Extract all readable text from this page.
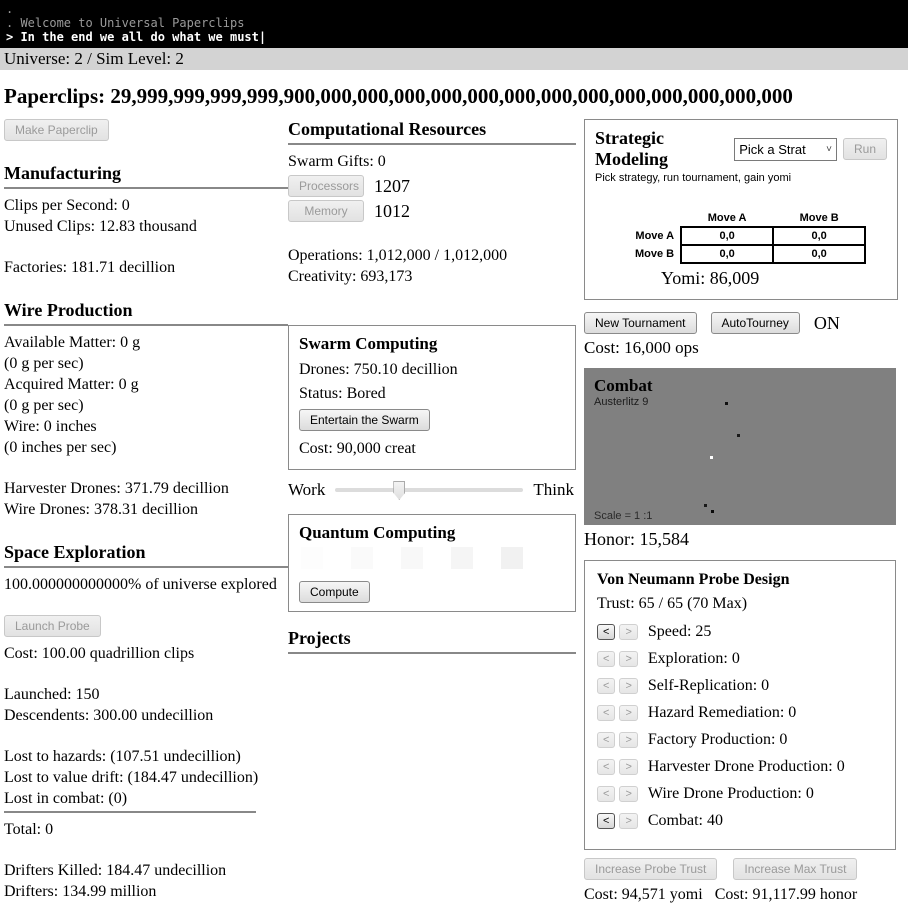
.
. Welcome to Universal Paperclips
> In the end we all do what we must|
Universe: 2 / Sim Level: 2
Paperclips: 29,999,999,999,999,900,000,000,000,000,000,000,000,000,000,000,000,000,000
Make Paperclip
Manufacturing

Clips per Second: 0

Unused Clips: 12.83 thousand

Factories: 181.71 decillion

Wire Production

Available Matter: 0 g

(0 g per sec)

Acquired Matter: 0 g

(0 g per sec)

Wire: 0 inches

(0 inches per sec)

Harvester Drones: 371.79 decillion

Wire Drones: 378.31 decillion

Space Exploration

100.000000000000% of universe explored

Launch Probe

Cost: 100.00 quadrillion clips

Launched: 150

Descendents: 300.00 undecillion

Lost to hazards: (107.51 undecillion)

Lost to value drift: (184.47 undecillion)

Lost in combat: (0)

Total: 0

Drifters Killed: 184.47 undecillion

Drifters: 134.99 million

Computational Resources

Swarm Gifts: 0

Processors 1207
Memory	1012

Operations: 1,012,000 / 1,012,000

Creativity: 693,173

Swarm Computing

Drones: 750.10 decillion

Status: Bored

Entertain the Swarm

Cost: 90,000 creat

Work	Think
Quantum Computing
Compute
Projects
Strategic Modeling	Pick a Strat ˅	Run
Pick strategy, run tournament, gain yomi
	Move A	Move B
Move A	0,0	0,0
Move B	0,0	0,0
Yomi: 86,009
New Tournament	AutoTourney	ON
Cost: 16,000 ops
Combat
Austerlitz 9
Scale = 1 :1
Honor: 15,584
Von Neumann Probe Design
Trust: 65 / 65 (70 Max)
<	>	Speed: 25
<	>	Exploration: 0
<	>	Self-Replication: 0
<	>	Hazard Remediation: 0
<	>	Factory Production: 0
<	>	Harvester Drone Production: 0
<	>	Wire Drone Production: 0
<	>	Combat: 40
Increase Probe Trust	Increase Max Trust
Cost: 94,571 yomi Cost: 91,117.99 honor
